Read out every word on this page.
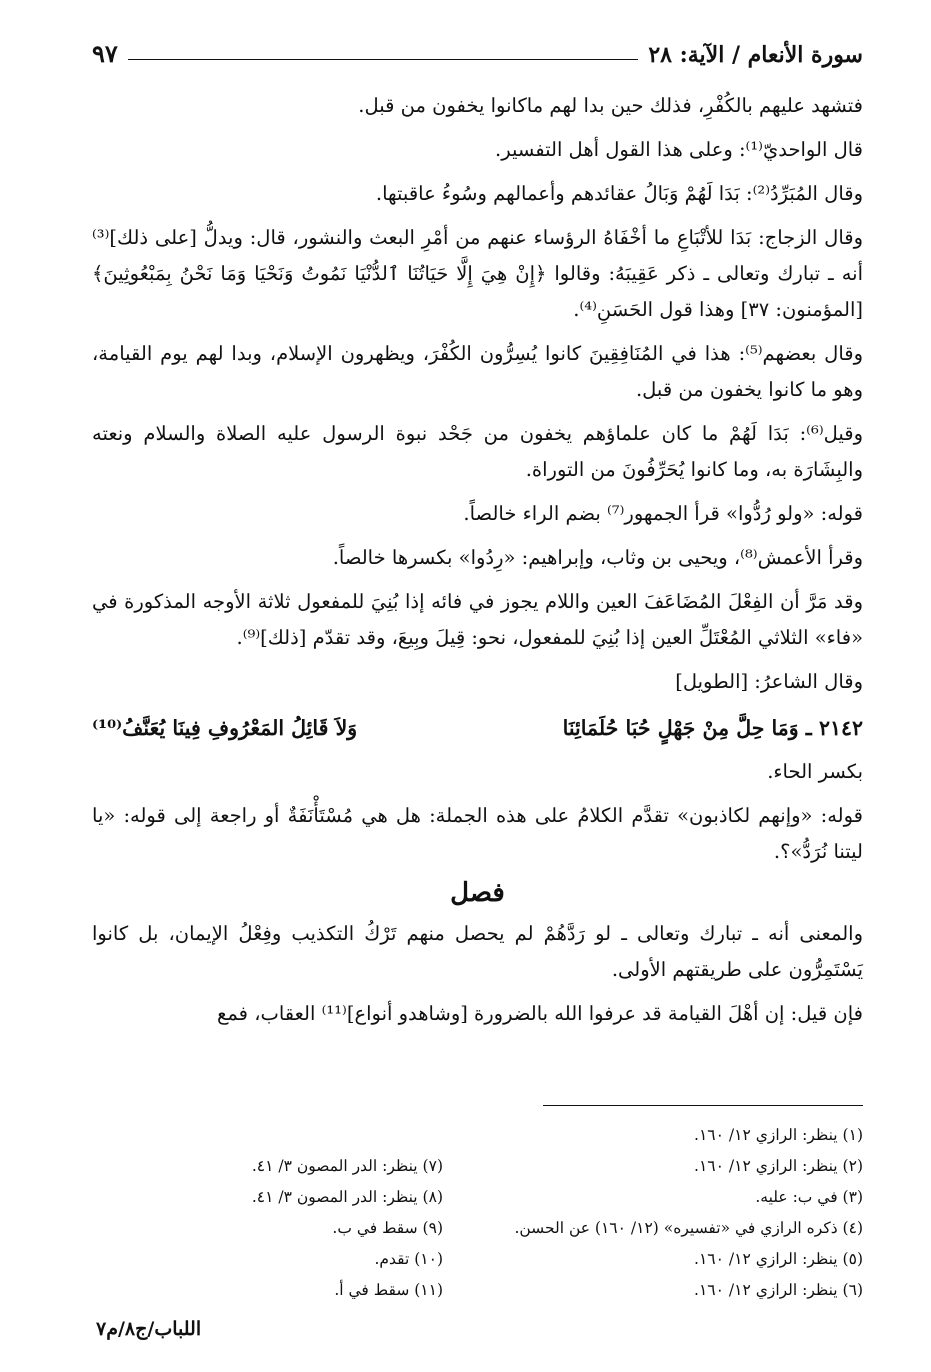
سورة الأنعام / الآية: ٢٨
٩٧

فتشهد عليهم بالكُفْرِ، فذلك حين بدا لهم ماكانوا يخفون من قبل.

قال الواحديّ⁽¹⁾: وعلى هذا القول أهل التفسير.

وقال المُبَرِّدُ⁽²⁾: بَدَا لَهُمْ وَبَالُ عقائدهم وأعمالهم وسُوءُ عاقبتها.

وقال الزجاج: بَدَا للأتْبَاعِ ما أخْفَاهُ الرؤساء عنهم من أمْرِ البعث والنشور، قال: ويدلُّ [على ذلك]⁽³⁾ أنه ـ تبارك وتعالى ـ ذكر عَقِيبَهُ: وقالوا ﴿إِنْ هِيَ إِلَّا حَيَاتُنَا ٱلدُّنْيَا نَمُوتُ وَنَحْيَا وَمَا نَحْنُ بِمَبْعُوثِينَ﴾ [المؤمنون: ٣٧] وهذا قول الحَسَنِ⁽⁴⁾.

وقال بعضهم⁽⁵⁾: هذا في المُنَافِقِينَ كانوا يُسِرُّون الكُفْرَ، ويظهرون الإسلام، وبدا لهم يوم القيامة، وهو ما كانوا يخفون من قبل.

وقيل⁽⁶⁾: بَدَا لَهُمْ ما كان علماؤهم يخفون من جَحْد نبوة الرسول عليه الصلاة والسلام ونعته والبِشَارَة به، وما كانوا يُحَرِّفُونَ من التوراة.

قوله: «ولو رُدُّوا» قرأ الجمهور⁽⁷⁾ بضم الراء خالصاً.

وقرأ الأعمش⁽⁸⁾، ويحيى بن وثاب، وإبراهيم: «رِدُوا» بكسرها خالصاً.

وقد مَرَّ أن الفِعْلَ المُضَاعَفَ العين واللام يجوز في فائه إذا بُنِيَ للمفعول ثلاثة الأوجه المذكورة في «فاء» الثلاثي المُعْتَلِّ العين إذا بُنِيَ للمفعول، نحو: قِيلَ وبِيعَ، وقد تقدّم [ذلك]⁽⁹⁾.

وقال الشاعرُ: [الطويل]

٢١٤٢ ـ وَمَا حِلَّ مِنْ جَهْلٍ حُبَا حُلَمَائِنَا
وَلاَ قَائِلُ المَعْرُوفِ فِينَا يُعَنَّفُ⁽¹⁰⁾
بكسر الحاء.

قوله: «وإنهم لكاذبون» تقدَّم الكلامُ على هذه الجملة: هل هي مُسْتَأْنَفَةٌ أو راجعة إلى قوله: «يا ليتنا نُرَدُّ»؟.

فصل

والمعنى أنه ـ تبارك وتعالى ـ لو رَدَّهُمْ لم يحصل منهم تَرْكُ التكذيب وفِعْلُ الإيمان، بل كانوا يَسْتَمِرُّون على طريقتهم الأولى.

فإن قيل: إن أهْلَ القيامة قد عرفوا الله بالضرورة [وشاهدو أنواع]⁽¹¹⁾ العقاب، فمع

(١) ينظر: الرازي ١٢/ ١٦٠.
(٢) ينظر: الرازي ١٢/ ١٦٠.
(٣) في ب: عليه.
(٤) ذكره الرازي في «تفسيره» (١٢/ ١٦٠) عن الحسن.
(٥) ينظر: الرازي ١٢/ ١٦٠.
(٦) ينظر: الرازي ١٢/ ١٦٠.
(٧) ينظر: الدر المصون ٣/ ٤١.
(٨) ينظر: الدر المصون ٣/ ٤١.
(٩) سقط في ب.
(١٠) تقدم.
(١١) سقط في أ.
اللباب/ج٨/م٧
